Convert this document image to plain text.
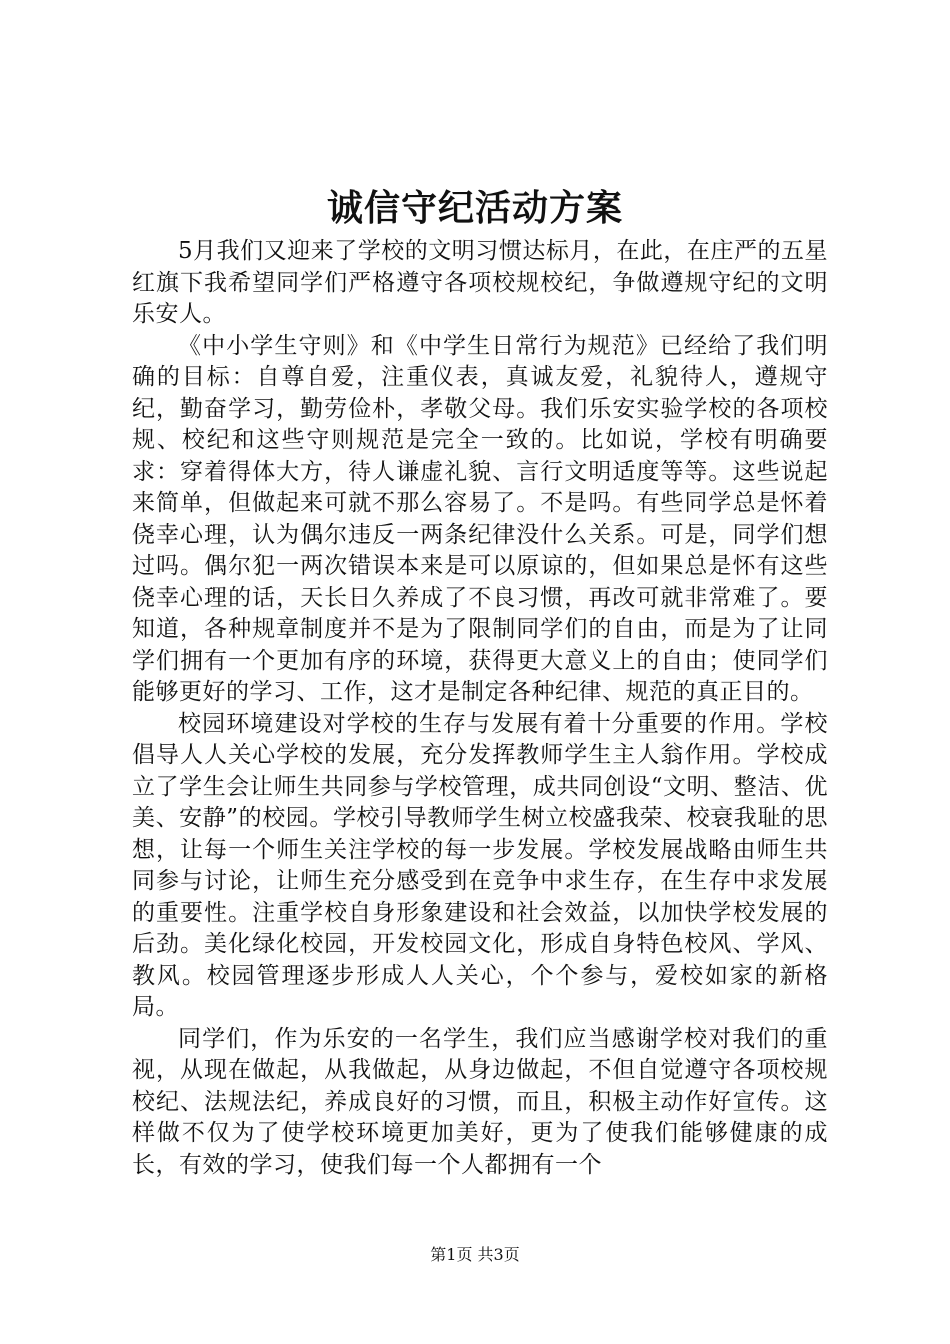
诚信守纪活动方案

5月我们又迎来了学校的文明习惯达标月，在此，在庄严的五星红旗下我希望同学们严格遵守各项校规校纪，争做遵规守纪的文明乐安人。

《中小学生守则》和《中学生日常行为规范》已经给了我们明确的目标：自尊自爱，注重仪表，真诚友爱，礼貌待人，遵规守纪，勤奋学习，勤劳俭朴，孝敬父母。我们乐安实验学校的各项校规、校纪和这些守则规范是完全一致的。比如说，学校有明确要求：穿着得体大方，待人谦虚礼貌、言行文明适度等等。这些说起来简单，但做起来可就不那么容易了。不是吗。有些同学总是怀着侥幸心理，认为偶尔违反一两条纪律没什么关系。可是，同学们想过吗。偶尔犯一两次错误本来是可以原谅的，但如果总是怀有这些侥幸心理的话，天长日久养成了不良习惯，再改可就非常难了。要知道，各种规章制度并不是为了限制同学们的自由，而是为了让同学们拥有一个更加有序的环境，获得更大意义上的自由；使同学们能够更好的学习、工作，这才是制定各种纪律、规范的真正目的。

校园环境建设对学校的生存与发展有着十分重要的作用。学校倡导人人关心学校的发展，充分发挥教师学生主人翁作用。学校成立了学生会让师生共同参与学校管理，成共同创设“文明、整洁、优美、安静”的校园。学校引导教师学生树立校盛我荣、校衰我耻的思想，让每一个师生关注学校的每一步发展。学校发展战略由师生共同参与讨论，让师生充分感受到在竞争中求生存，在生存中求发展的重要性。注重学校自身形象建设和社会效益，以加快学校发展的后劲。美化绿化校园，开发校园文化，形成自身特色校风、学风、教风。校园管理逐步形成人人关心，个个参与，爱校如家的新格局。

同学们，作为乐安的一名学生，我们应当感谢学校对我们的重视，从现在做起，从我做起，从身边做起，不但自觉遵守各项校规校纪、法规法纪，养成良好的习惯，而且，积极主动作好宣传。这样做不仅为了使学校环境更加美好，更为了使我们能够健康的成长，有效的学习，使我们每一个人都拥有一个

第1页 共3页
